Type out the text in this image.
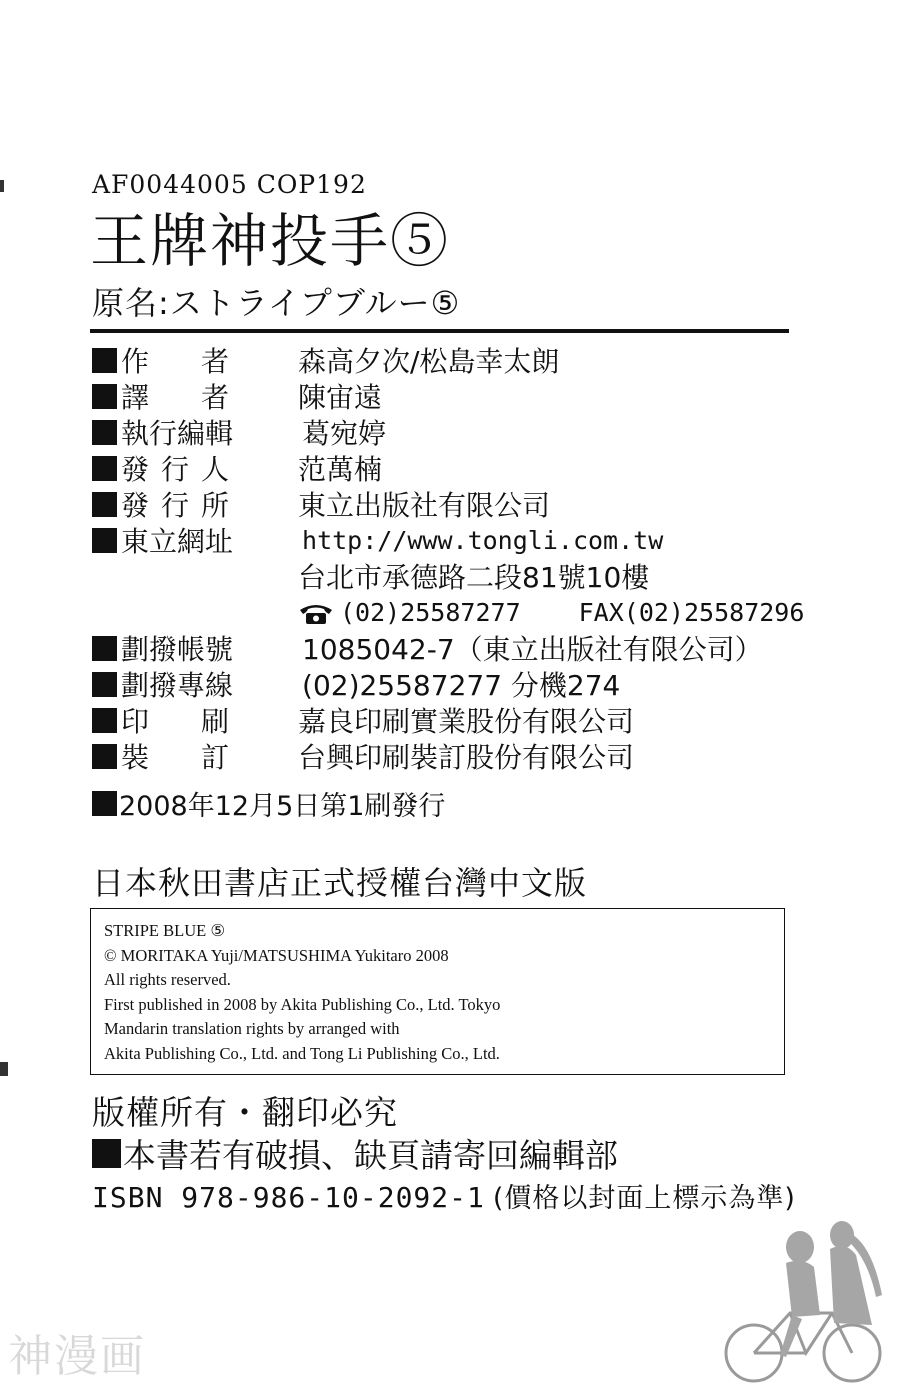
AF0044005 COP192
王牌神投手⑤
原名:ストライプブルー⑤
作 者 森高夕次/松島幸太朗
譯 者 陳宙遠
執行編輯 葛宛婷
發 行 人 范萬楠
發 行 所 東立出版社有限公司
東立網址	http://www.tongli.com.tw
台北市承德路二段81號10樓
(02)25587277 FAX(02)25587296
劃撥帳號 1085042-7（東立出版社有限公司）
劃撥專線 (02)25587277 分機274
印 刷 嘉良印刷實業股份有限公司
裝 訂 台興印刷裝訂股份有限公司
2008年12月5日第1刷發行
日本秋田書店正式授權台灣中文版
STRIPE BLUE ⑤
© MORITAKA Yuji/MATSUSHIMA Yukitaro 2008
All rights reserved.
First published in 2008 by Akita Publishing Co., Ltd. Tokyo
Mandarin translation rights by arranged with
Akita Publishing Co., Ltd. and Tong Li Publishing Co., Ltd.
版權所有・翻印必究
本書若有破損、缺頁請寄回編輯部
ISBN 978-986-10-2092-1 (價格以封面上標示為準)
神漫画
